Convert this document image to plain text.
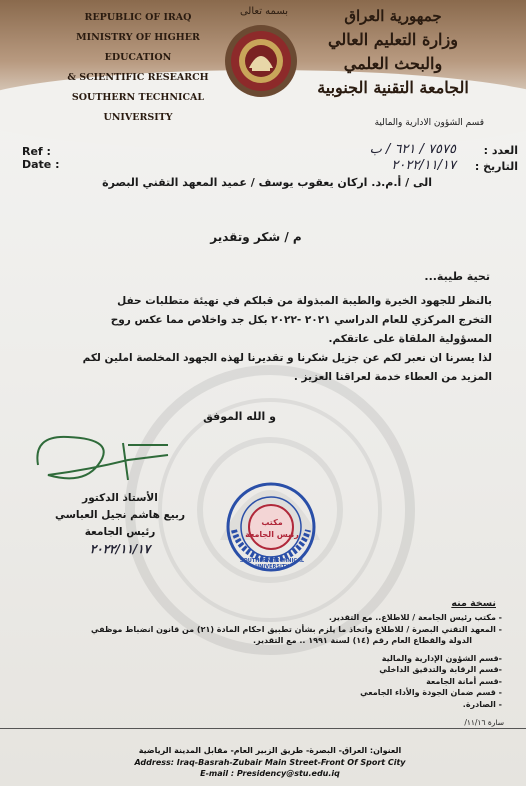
REPUBLIC OF IRAQ
MINISTRY OF HIGHER EDUCATION
& SCIENTIFIC RESEARCH
SOUTHERN TECHNICAL UNIVERSITY
بسمه تعالى	جمهورية العراق
وزارة التعليم العالي والبحث العلمي
الجامعة التقنية الجنوبية
قسم الشؤون الادارية والمالية
Ref :
Date :
العدد :
٧٥٧٥ / ٦٢١ / ب
التاريخ :
٢٠٢٢/١١/١٧
الى / أ.م.د. اركان يعقوب يوسف / عميد المعهد التقني البصرة
م / شكر وتقدير
تحية طيبة...
بالنظر للجهود الخيرة والطيبة المبذولة من قبلكم في تهيئة متطلبات حفل
التخرج المركزي للعام الدراسي ٢٠٢١ -٢٠٢٢ بكل جد واخلاص مما عكس روح
المسؤولية الملقاة على عاتقكم.
لذا يسرنا ان نعبر لكم عن جزيل شكرنا و تقديرنا لهذه الجهود المخلصة املين لكم
المزيد من العطاء خدمة لعراقنا العزيز .
و الله الموفق
الأستاذ الدكتور
ربيع هاشم نجيل العباسي
رئيس الجامعة
٢٠٢٢/١١/١٧
مكتب
رئيس الجامعة
SOUTHERN TECHNICAL UNIVERSITY
نسخة منه
- مكتب رئيس الجامعة / للاطلاع.. مع التقدير.
- المعهد التقني البصرة / للاطلاع واتخاذ ما يلزم بشأن تطبيق احكام المادة (٢١) من قانون انضباط موظفي
الدولة والقطاع العام رقم (١٤) لسنة ١٩٩١ .. مع التقدير.
-قسم الشؤون الإدارية والمالية
-قسم الرقابة والتدقيق الداخلي
-قسم أمانة الجامعة
- قسم ضمان الجودة والأداء الجامعي
- الصادرة.
سارة ١١/١٦/
العنوان: العراق- البصرة- طريق الزبير العام- مقابل المدينة الرياضية
Address: Iraq-Basrah-Zubair Main Street-Front Of Sport City
E-mail : Presidency@stu.edu.iq
